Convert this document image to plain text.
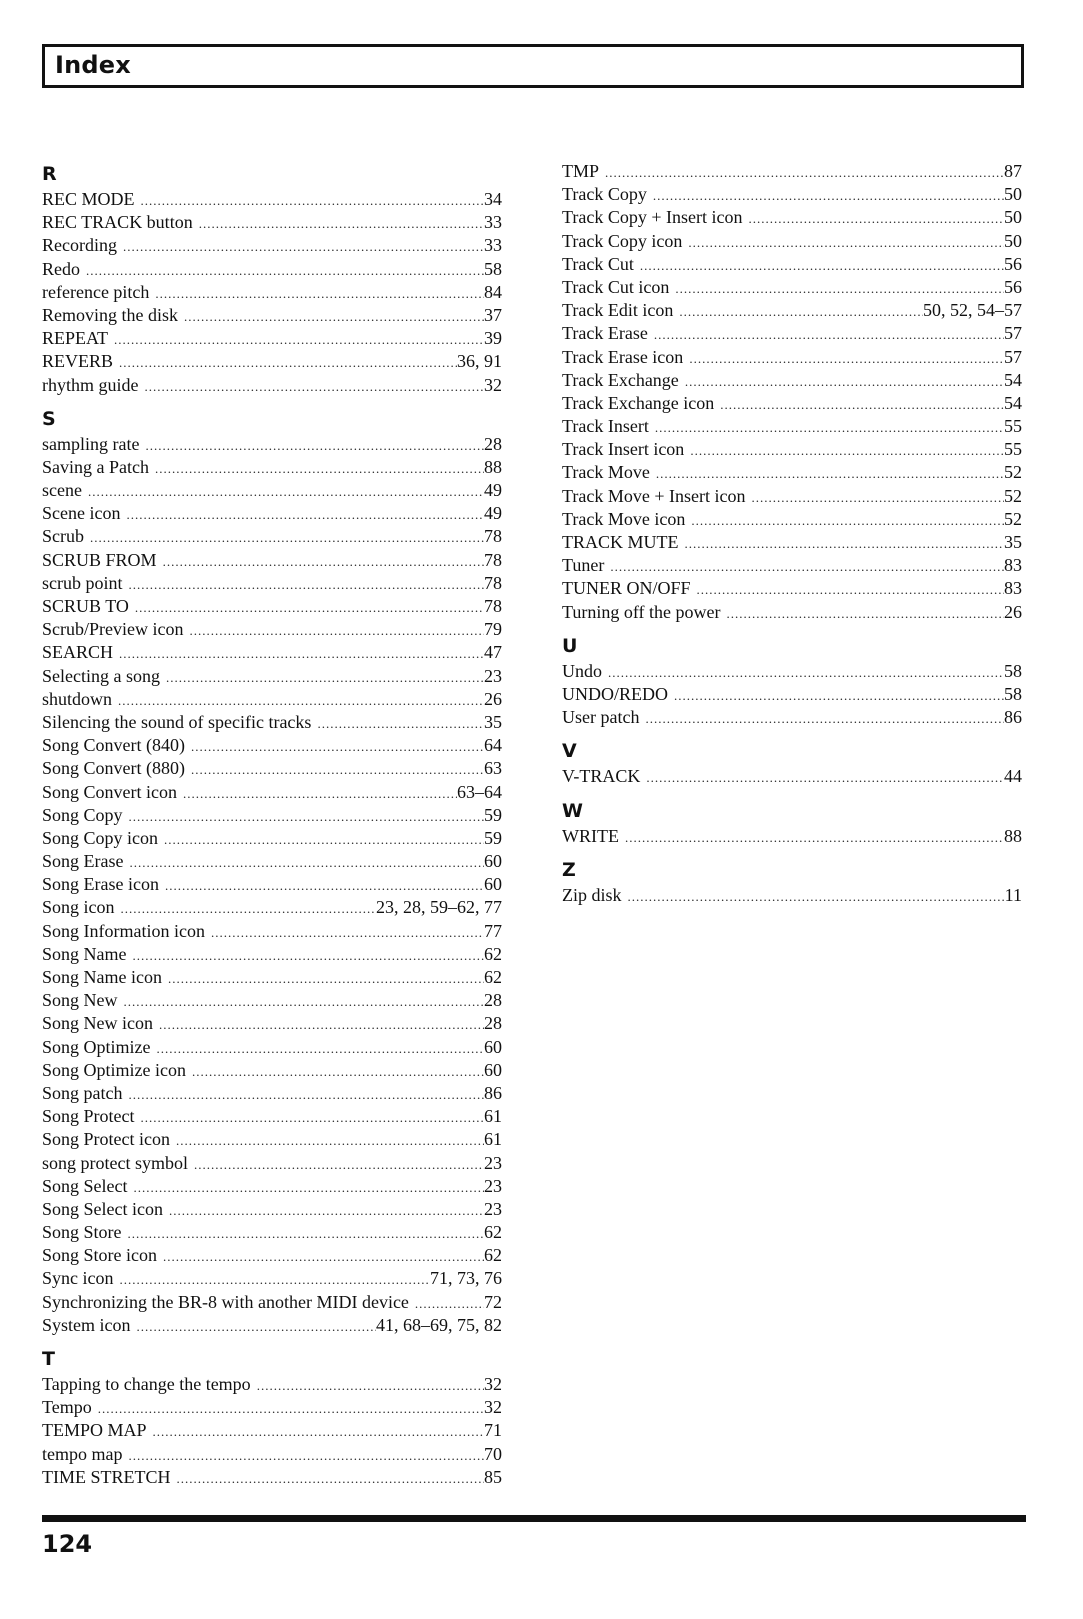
Index
R
REC MODE .....	34
REC TRACK button .....	33
Recording .....	33
Redo .....	58
reference pitch .....	84
Removing the disk .....	37
REPEAT .....	39
REVERB .....	36, 91
rhythm guide .....	32
S
sampling rate .....	28
Saving a Patch .....	88
scene .....	49
Scene icon .....	49
Scrub .....	78
SCRUB FROM .....	78
scrub point .....	78
SCRUB TO .....	78
Scrub/Preview icon .....	79
SEARCH .....	47
Selecting a song .....	23
shutdown .....	26
Silencing the sound of specific tracks .....	35
Song Convert (840) .....	64
Song Convert (880) .....	63
Song Convert icon .....	63–64
Song Copy .....	59
Song Copy icon .....	59
Song Erase .....	60
Song Erase icon .....	60
Song icon .....	23, 28, 59–62, 77
Song Information icon .....	77
Song Name .....	62
Song Name icon .....	62
Song New .....	28
Song New icon .....	28
Song Optimize .....	60
Song Optimize icon .....	60
Song patch .....	86
Song Protect .....	61
Song Protect icon .....	61
song protect symbol .....	23
Song Select .....	23
Song Select icon .....	23
Song Store .....	62
Song Store icon .....	62
Sync icon .....	71, 73, 76
Synchronizing the BR-8 with another MIDI device .....	72
System icon .....	41, 68–69, 75, 82
T
Tapping to change the tempo .....	32
Tempo .....	32
TEMPO MAP .....	71
tempo map .....	70
TIME STRETCH .....	85
TMP .....	87
Track Copy .....	50
Track Copy + Insert icon .....	50
Track Copy icon .....	50
Track Cut .....	56
Track Cut icon .....	56
Track Edit icon .....	50, 52, 54–57
Track Erase .....	57
Track Erase icon .....	57
Track Exchange .....	54
Track Exchange icon .....	54
Track Insert .....	55
Track Insert icon .....	55
Track Move .....	52
Track Move + Insert icon .....	52
Track Move icon .....	52
TRACK MUTE .....	35
Tuner .....	83
TUNER ON/OFF .....	83
Turning off the power .....	26
U
Undo .....	58
UNDO/REDO .....	58
User patch .....	86
V
V-TRACK .....	44
W
WRITE .....	88
Z
Zip disk .....	11
124
